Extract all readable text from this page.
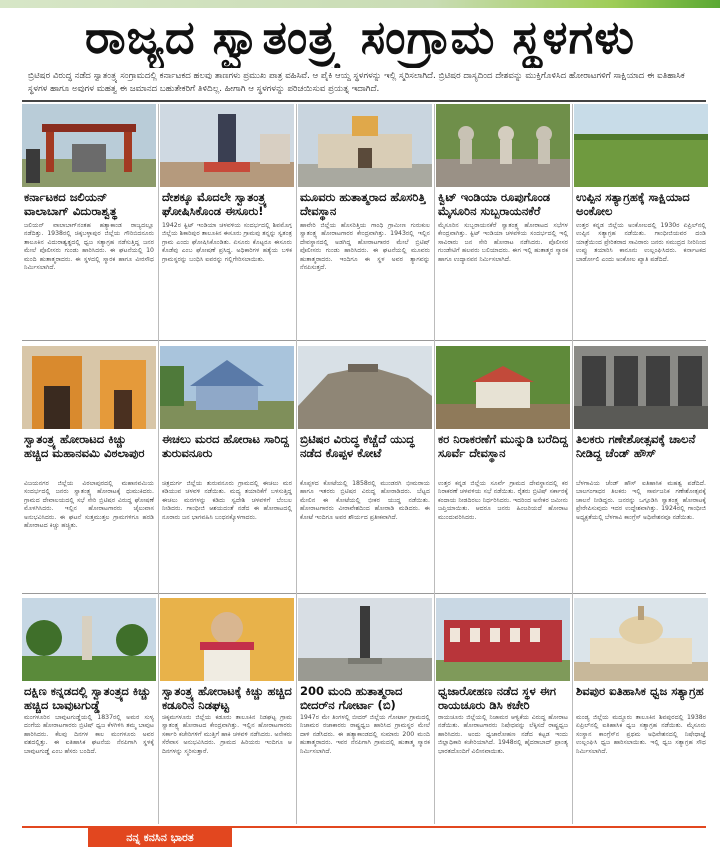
ರಾಜ್ಯದ ಸ್ವಾತಂತ್ರ್ಯ ಸಂಗ್ರಾಮ ಸ್ಥಳಗಳು
ಬ್ರಿಟಿಷರ ವಿರುದ್ಧ ನಡೆದ ಸ್ವಾತಂತ್ರ್ಯ ಸಂಗ್ರಾಮದಲ್ಲಿ ಕರ್ನಾಟಕದ ಹಲವು ತಾಣಗಳು ಪ್ರಮುಖ ಪಾತ್ರ ವಹಿಸಿವೆ. ಆ ಪೈಕಿ ಆಯ್ದ ಸ್ಥಳಗಳನ್ನು ಇಲ್ಲಿ ಸ್ಮರಿಸಲಾಗಿದೆ. ಬ್ರಿಟಿಷರ ದಾಸ್ಯದಿಂದ ದೇಶವನ್ನು ಮುಕ್ತಿಗೊಳಿಸಿದ ಹೋರಾಟಗಳಿಗೆ ಸಾಕ್ಷಿಯಾದ ಈ ಐತಿಹಾಸಿಕ ಸ್ಥಳಗಳ ಹಾಗೂ ಅವುಗಳ ಮಹತ್ವ ಈ ಜಮಾನದ ಬಹುತೇಕರಿಗೆ ತಿಳಿದಿಲ್ಲ. ಹೀಗಾಗಿ ಆ ಸ್ಥಳಗಳನ್ನು ಪರಿಚಯಿಸುವ ಪ್ರಯತ್ನ ಇದಾಗಿದೆ.
ಕರ್ನಾಟಕದ ಜಲಿಯನ್ ವಾಲಾಬಾಗ್ ವಿದುರಾಶ್ವತ್ಥ
ಜಲಿಯನ್ ವಾಲಾಬಾಗ್‌ನಂತಹ ಹತ್ಯಾಕಾಂಡ ರಾಜ್ಯದಲ್ಲೂ ನಡೆದಿತ್ತು. 1938ರಲ್ಲಿ ಚಿಕ್ಕಬಳ್ಳಾಪುರ ಜಿಲ್ಲೆಯ ಗೌರಿಬಿದನೂರು ತಾಲೂಕಿನ ವಿದುರಾಶ್ವತ್ಥದಲ್ಲಿ ಧ್ವಜ ಸತ್ಯಾಗ್ರಹ ನಡೆಸುತ್ತಿದ್ದ ಜನರ ಮೇಲೆ ಪೊಲೀಸರು ಗುಂಡು ಹಾರಿಸಿದರು. ಈ ಘಟನೆಯಲ್ಲಿ 10 ಮಂದಿ ಹುತಾತ್ಮರಾದರು. ಈ ಸ್ಥಳದಲ್ಲಿ ಸ್ಮಾರಕ ಹಾಗೂ ವೀರಸೌಧ ನಿರ್ಮಿಸಲಾಗಿದೆ.
ದೇಶಕ್ಕೂ ಮೊದಲೇ ಸ್ವಾತಂತ್ರ್ಯ ಘೋಷಿಸಿಕೊಂಡ ಈಸೂರು!
1942ರ ಕ್ವಿಟ್ ಇಂಡಿಯಾ ಚಳವಳಿಯ ಸಂದರ್ಭದಲ್ಲಿ ಶಿವಮೊಗ್ಗ ಜಿಲ್ಲೆಯ ಶಿಕಾರಿಪುರ ತಾಲೂಕಿನ ಈಸೂರು ಗ್ರಾಮವು ತನ್ನನ್ನು ಸ್ವತಂತ್ರ ಗ್ರಾಮ ಎಂದು ಘೋಷಿಸಿಕೊಂಡಿತು. ಏಸೂರು ಕೊಟ್ಟರೂ ಈಸೂರು ಕೊಡೆವು ಎಂಬ ಘೋಷಣೆ ಪ್ರಸಿದ್ಧ. ಅಧಿಕಾರಿಗಳ ಹತ್ಯೆಯ ಬಳಿಕ ಗ್ರಾಮಸ್ಥರನ್ನು ಬಂಧಿಸಿ ಐವರನ್ನು ಗಲ್ಲಿಗೇರಿಸಲಾಯಿತು.
ಮೂವರು ಹುತಾತ್ಮರಾದ ಹೊಸರಿತ್ತಿ ದೇವಸ್ಥಾನ
ಹಾವೇರಿ ಜಿಲ್ಲೆಯ ಹೊಸರಿತ್ತಿಯ ಗಾಂಧಿ ಗ್ರಾಮೀಣ ಗುರುಕುಲ ಸ್ವಾತಂತ್ರ್ಯ ಹೋರಾಟಗಾರರ ಕೇಂದ್ರವಾಗಿತ್ತು. 1943ರಲ್ಲಿ ಇಲ್ಲಿನ ದೇವಸ್ಥಾನದಲ್ಲಿ ಅಡಗಿದ್ದ ಹೋರಾಟಗಾರರ ಮೇಲೆ ಬ್ರಿಟಿಷ್ ಪೊಲೀಸರು ಗುಂಡು ಹಾರಿಸಿದರು. ಈ ಘಟನೆಯಲ್ಲಿ ಮೂವರು ಹುತಾತ್ಮರಾದರು. ಇಂದಿಗೂ ಈ ಸ್ಥಳ ಅವರ ತ್ಯಾಗವನ್ನು ನೆನಪಿಸುತ್ತದೆ.
ಕ್ವಿಟ್ ಇಂಡಿಯಾ ರೂಪುಗೊಂಡ ಮೈಸೂರಿನ ಸುಬ್ಬರಾಯನಕೆರೆ
ಮೈಸೂರಿನ ಸುಬ್ಬರಾಯನಕೆರೆ ಸ್ವಾತಂತ್ರ್ಯ ಹೋರಾಟದ ಸಭೆಗಳ ಕೇಂದ್ರವಾಗಿತ್ತು. ಕ್ವಿಟ್ ಇಂಡಿಯಾ ಚಳವಳಿಯ ಸಂದರ್ಭದಲ್ಲಿ ಇಲ್ಲಿ ಸಾವಿರಾರು ಜನ ಸೇರಿ ಹೋರಾಟ ನಡೆಸಿದರು. ಪೊಲೀಸರ ಗುಂಡೇಟಿಗೆ ಹಲವರು ಬಲಿಯಾದರು. ಈಗ ಇಲ್ಲಿ ಹುತಾತ್ಮರ ಸ್ಮಾರಕ ಹಾಗೂ ಉದ್ಯಾನವನ ನಿರ್ಮಿಸಲಾಗಿದೆ.
ಉಪ್ಪಿನ ಸತ್ಯಾಗ್ರಹಕ್ಕೆ ಸಾಕ್ಷಿಯಾದ ಅಂಕೋಲ
ಉತ್ತರ ಕನ್ನಡ ಜಿಲ್ಲೆಯ ಅಂಕೋಲದಲ್ಲಿ 1930ರ ಏಪ್ರಿಲ್‌ನಲ್ಲಿ ಉಪ್ಪಿನ ಸತ್ಯಾಗ್ರಹ ನಡೆಯಿತು. ಗಾಂಧೀಜಿಯವರ ದಂಡಿ ಯಾತ್ರೆಯಿಂದ ಪ್ರೇರಿತರಾದ ಸಾವಿರಾರು ಜನರು ಸಮುದ್ರದ ನೀರಿನಿಂದ ಉಪ್ಪು ತಯಾರಿಸಿ ಕಾನೂನು ಉಲ್ಲಂಘಿಸಿದರು. ಕರ್ನಾಟಕದ ಬಾರ್ಡೋಲಿ ಎಂದು ಅಂಕೋಲ ಖ್ಯಾತಿ ಪಡೆದಿದೆ.
ಸ್ವಾತಂತ್ರ್ಯ ಹೋರಾಟದ ಕಿಚ್ಚು ಹಚ್ಚಿದ ಮಹಾನವಮಿ ವಿಠಲಾಪುರ
ವಿಜಯನಗರ ಜಿಲ್ಲೆಯ ವಿಠಲಾಪುರದಲ್ಲಿ ಮಹಾನವಮಿಯ ಸಂದರ್ಭದಲ್ಲಿ ಜನರು ಸ್ವಾತಂತ್ರ್ಯ ಹೋರಾಟಕ್ಕೆ ಧುಮುಕಿದರು. ಗ್ರಾಮದ ದೇವಾಲಯದಲ್ಲಿ ಸಭೆ ಸೇರಿ ಬ್ರಿಟಿಷರ ವಿರುದ್ಧ ಘೋಷಣೆ ಮೊಳಗಿಸಿದರು. ಇಲ್ಲಿನ ಹೋರಾಟಗಾರರು ಜೈಲುವಾಸ ಅನುಭವಿಸಿದರು. ಈ ಘಟನೆ ಸುತ್ತಮುತ್ತಲ ಗ್ರಾಮಗಳಿಗೂ ಹರಡಿ ಹೋರಾಟದ ಕಿಚ್ಚು ಹಚ್ಚಿತು.
ಈಚಲು ಮರದ ಹೋರಾಟ ಸಾರಿದ್ದ ತುರುವನೂರು
ಚಿತ್ರದುರ್ಗ ಜಿಲ್ಲೆಯ ತುರುವನೂರು ಗ್ರಾಮದಲ್ಲಿ ಈಚಲು ಮರ ಕಡಿಯುವ ಚಳವಳಿ ನಡೆಯಿತು. ಮದ್ಯ ತಯಾರಿಕೆಗೆ ಬಳಸುತ್ತಿದ್ದ ಈಚಲು ಮರಗಳನ್ನು ಕಡಿದು ಸ್ವದೇಶಿ ಚಳವಳಿಗೆ ಬೆಂಬಲ ನೀಡಿದರು. ಗಾಂಧೀಜಿ ಆಶಯದಂತೆ ನಡೆದ ಈ ಹೋರಾಟದಲ್ಲಿ ನೂರಾರು ಜನ ಭಾಗವಹಿಸಿ ಬಂಧನಕ್ಕೊಳಗಾದರು.
ಬ್ರಿಟಿಷರ ವಿರುದ್ಧ ಕೆಚ್ಚೆದೆ ಯುದ್ಧ ನಡೆದ ಕೊಪ್ಪಳ ಕೋಟೆ
ಕೊಪ್ಪಳದ ಕೋಟೆಯಲ್ಲಿ 1858ರಲ್ಲಿ ಮುಂಡರಗಿ ಭೀಮರಾಯ ಹಾಗೂ ಇತರರು ಬ್ರಿಟಿಷರ ವಿರುದ್ಧ ಹೋರಾಡಿದರು. ಬೆಟ್ಟದ ಮೇಲಿನ ಈ ಕೋಟೆಯಲ್ಲಿ ಭೀಕರ ಯುದ್ಧ ನಡೆಯಿತು. ಹೋರಾಟಗಾರರು ವೀರಾವೇಶದಿಂದ ಹೋರಾಡಿ ಮಡಿದರು. ಈ ಕೋಟೆ ಇಂದಿಗೂ ಅವರ ಶೌರ್ಯದ ಪ್ರತೀಕವಾಗಿದೆ.
ಕರ ನಿರಾಕರಣೆಗೆ ಮುನ್ನುಡಿ ಬರೆದಿದ್ದ ಸೂರ್ವೆ ದೇವಸ್ಥಾನ
ಉತ್ತರ ಕನ್ನಡ ಜಿಲ್ಲೆಯ ಸೂರ್ವೆ ಗ್ರಾಮದ ದೇವಸ್ಥಾನದಲ್ಲಿ ಕರ ನಿರಾಕರಣೆ ಚಳವಳಿಯ ಸಭೆ ನಡೆಯಿತು. ರೈತರು ಬ್ರಿಟಿಷ್ ಸರ್ಕಾರಕ್ಕೆ ಕಂದಾಯ ನೀಡದಿರಲು ನಿರ್ಧರಿಸಿದರು. ಇದರಿಂದ ಅನೇಕರ ಜಮೀನು ಜಪ್ತಿಯಾಯಿತು. ಆದರೂ ಜನರು ಹಿಂಜರಿಯದೆ ಹೋರಾಟ ಮುಂದುವರಿಸಿದರು.
ತಿಲಕರು ಗಣೇಶೋತ್ಸವಕ್ಕೆ ಚಾಲನೆ ನೀಡಿದ್ದ ಚೆಂಡ್ ಹೌಸ್
ಬೆಳಗಾವಿಯ ಚೆಂಡ್ ಹೌಸ್ ಐತಿಹಾಸಿಕ ಮಹತ್ವ ಪಡೆದಿದೆ. ಬಾಲಗಂಗಾಧರ ತಿಲಕರು ಇಲ್ಲಿ ಸಾರ್ವಜನಿಕ ಗಣೇಶೋತ್ಸವಕ್ಕೆ ಚಾಲನೆ ನೀಡಿದ್ದರು. ಜನರನ್ನು ಒಗ್ಗೂಡಿಸಿ ಸ್ವಾತಂತ್ರ್ಯ ಹೋರಾಟಕ್ಕೆ ಪ್ರೇರೇಪಿಸುವುದು ಇದರ ಉದ್ದೇಶವಾಗಿತ್ತು. 1924ರಲ್ಲಿ ಗಾಂಧೀಜಿ ಅಧ್ಯಕ್ಷತೆಯಲ್ಲಿ ಬೆಳಗಾವಿ ಕಾಂಗ್ರೆಸ್ ಅಧಿವೇಶನವೂ ನಡೆಯಿತು.
ದಕ್ಷಿಣ ಕನ್ನಡದಲ್ಲಿ ಸ್ವಾತಂತ್ರ್ಯದ ಕಿಚ್ಚು ಹಚ್ಚಿದ ಬಾವುಟಗುಡ್ಡೆ
ಮಂಗಳೂರಿನ ಬಾವುಟಗುಡ್ಡೆಯಲ್ಲಿ 1837ರಲ್ಲಿ ಅಮರ ಸುಳ್ಯ ದಂಗೆಯ ಹೋರಾಟಗಾರರು ಬ್ರಿಟಿಷ್ ಧ್ವಜ ಕೆಳಗಿಳಿಸಿ ತಮ್ಮ ಬಾವುಟ ಹಾರಿಸಿದರು. ಕೆಲವು ದಿನಗಳ ಕಾಲ ಮಂಗಳೂರು ಅವರ ವಶದಲ್ಲಿತ್ತು. ಈ ಐತಿಹಾಸಿಕ ಘಟನೆಯ ನೆನಪಿಗಾಗಿ ಸ್ಥಳಕ್ಕೆ ಬಾವುಟಗುಡ್ಡೆ ಎಂಬ ಹೆಸರು ಬಂದಿದೆ.
ಸ್ವಾತಂತ್ರ್ಯ ಹೋರಾಟಕ್ಕೆ ಕಿಚ್ಚು ಹಚ್ಚಿದ ಕಡೂರಿನ ನಿಡಘಟ್ಟ
ಚಿಕ್ಕಮಗಳೂರು ಜಿಲ್ಲೆಯ ಕಡೂರು ತಾಲೂಕಿನ ನಿಡಘಟ್ಟ ಗ್ರಾಮ ಸ್ವಾತಂತ್ರ್ಯ ಹೋರಾಟದ ಕೇಂದ್ರವಾಗಿತ್ತು. ಇಲ್ಲಿನ ಹೋರಾಟಗಾರರು ಸರ್ಕಾರಿ ಕಚೇರಿಗಳಿಗೆ ಮುತ್ತಿಗೆ ಹಾಕಿ ಚಳವಳಿ ನಡೆಸಿದರು. ಅನೇಕರು ಸೆರೆವಾಸ ಅನುಭವಿಸಿದರು. ಗ್ರಾಮದ ಹಿರಿಯರು ಇಂದಿಗೂ ಆ ದಿನಗಳನ್ನು ಸ್ಮರಿಸುತ್ತಾರೆ.
200 ಮಂದಿ ಹುತಾತ್ಮರಾದ ಬೀದರ್‌ನ ಗೋರ್ಟಾ (ಬಿ)
1947ರ ಮೇ ತಿಂಗಳಲ್ಲಿ ಬೀದರ್ ಜಿಲ್ಲೆಯ ಗೋರ್ಟಾ ಗ್ರಾಮದಲ್ಲಿ ನಿಜಾಮರ ರಜಾಕಾರರು ರಾಷ್ಟ್ರಧ್ವಜ ಹಾರಿಸಿದ ಗ್ರಾಮಸ್ಥರ ಮೇಲೆ ದಾಳಿ ನಡೆಸಿದರು. ಈ ಹತ್ಯಾಕಾಂಡದಲ್ಲಿ ಸುಮಾರು 200 ಮಂದಿ ಹುತಾತ್ಮರಾದರು. ಇವರ ನೆನಪಿಗಾಗಿ ಗ್ರಾಮದಲ್ಲಿ ಹುತಾತ್ಮ ಸ್ಮಾರಕ ನಿರ್ಮಿಸಲಾಗಿದೆ.
ಧ್ವಜಾರೋಹಣ ನಡೆದ ಸ್ಥಳ ಈಗ ರಾಯಚೂರು ಡಿಸಿ ಕಚೇರಿ
ರಾಯಚೂರು ಜಿಲ್ಲೆಯಲ್ಲಿ ನಿಜಾಮರ ಆಳ್ವಿಕೆಯ ವಿರುದ್ಧ ಹೋರಾಟ ನಡೆಯಿತು. ಹೋರಾಟಗಾರರು ನಿಷೇಧವನ್ನು ಲೆಕ್ಕಿಸದೆ ರಾಷ್ಟ್ರಧ್ವಜ ಹಾರಿಸಿದರು. ಅಂದು ಧ್ವಜಾರೋಹಣ ನಡೆದ ಕಟ್ಟಡ ಇಂದು ಜಿಲ್ಲಾಧಿಕಾರಿ ಕಚೇರಿಯಾಗಿದೆ. 1948ರಲ್ಲಿ ಹೈದರಾಬಾದ್ ಪ್ರಾಂತ್ಯ ಭಾರತದೊಂದಿಗೆ ವಿಲೀನವಾಯಿತು.
ಶಿವಪುರ ಐತಿಹಾಸಿಕ ಧ್ವಜ ಸತ್ಯಾಗ್ರಹ
ಮಂಡ್ಯ ಜಿಲ್ಲೆಯ ಮದ್ದೂರು ತಾಲೂಕಿನ ಶಿವಪುರದಲ್ಲಿ 1938ರ ಏಪ್ರಿಲ್‌ನಲ್ಲಿ ಐತಿಹಾಸಿಕ ಧ್ವಜ ಸತ್ಯಾಗ್ರಹ ನಡೆಯಿತು. ಮೈಸೂರು ಸಂಸ್ಥಾನ ಕಾಂಗ್ರೆಸ್‌ನ ಪ್ರಥಮ ಅಧಿವೇಶನದಲ್ಲಿ ನಿಷೇಧಾಜ್ಞೆ ಉಲ್ಲಂಘಿಸಿ ಧ್ವಜ ಹಾರಿಸಲಾಯಿತು. ಇಲ್ಲಿ ಧ್ವಜ ಸತ್ಯಾಗ್ರಹ ಸೌಧ ನಿರ್ಮಿಸಲಾಗಿದೆ.
ನನ್ನ ಕನಸಿನ ಭಾರತ
